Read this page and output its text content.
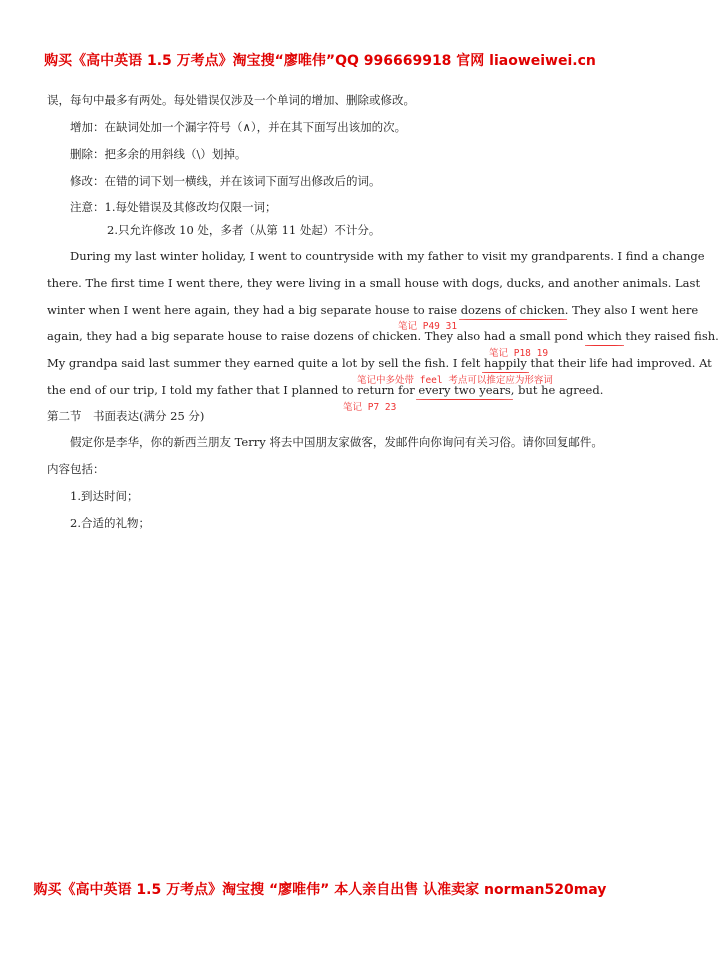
购买《高中英语 1.5 万考点》淘宝搜“廖唯伟”QQ 996669918 官网 liaoweiwei.cn
误，每句中最多有两处。每处错误仅涉及一个单词的增加、删除或修改。
增加：在缺词处加一个漏字符号（∧），并在其下面写出该加的次。
删除：把多余的用斜线（\）划掉。
修改：在错的词下划一横线，并在该词下面写出修改后的词。
注意：1.每处错误及其修改均仅限一词；
2.只允许修改 10 处，多者（从第 11 处起）不计分。
During my last winter holiday, I went to countryside with my father to visit my grandparents. I find a change
there. The first time I went there, they were living in a small house with dogs, ducks, and another animals. Last
winter when I went here again, they had a big separate house to raise dozens of chicken. They also I went here
笔记 P49 31
again, they had a big separate house to raise dozens of chicken. They also had a small pond which they raised fish.
笔记 P18 19
My grandpa said last summer they earned quite a lot by sell the fish. I felt happily that their life had improved. At
笔记中多处带 feel 考点可以推定应为形容词
the end of our trip, I told my father that I planned to return for every two years, but he agreed.
笔记 P7 23
第二节　书面表达(满分 25 分)
假定你是李华，你的新西兰朋友 Terry 将去中国朋友家做客，发邮件向你询问有关习俗。请你回复邮件。
内容包括：
1.到达时间；
2.合适的礼物；
购买《高中英语 1.5 万考点》淘宝搜 “廖唯伟” 本人亲自出售 认准卖家 norman520may
